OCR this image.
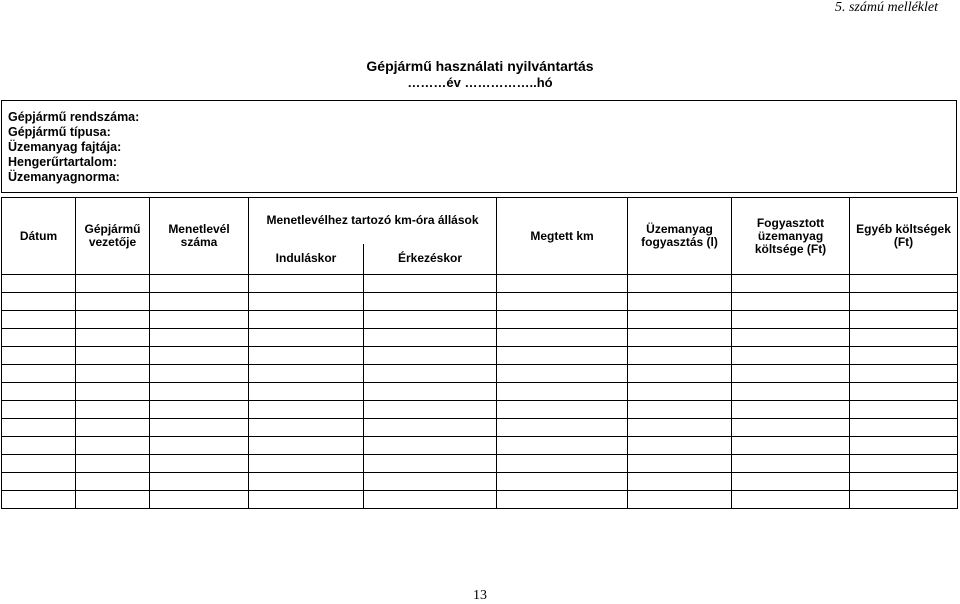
5. számú melléklet
Gépjármű használati nyilvántartás
………év ……………..hó
Gépjármű rendszáma:
Gépjármű típusa:
Üzemanyag fajtája:
Hengerűrtartalom:
Üzemanyagnorma:
Dátum	Gépjármű vezetője	Menetlevél száma	Menetlevélhez tartozó km-óra állások		Megtett km	Üzemanyag fogyasztás (l)	Fogyasztott üzemanyag költsége (Ft)	Egyéb költségek (Ft)
			Induláskor	Érkezéskor				

13
